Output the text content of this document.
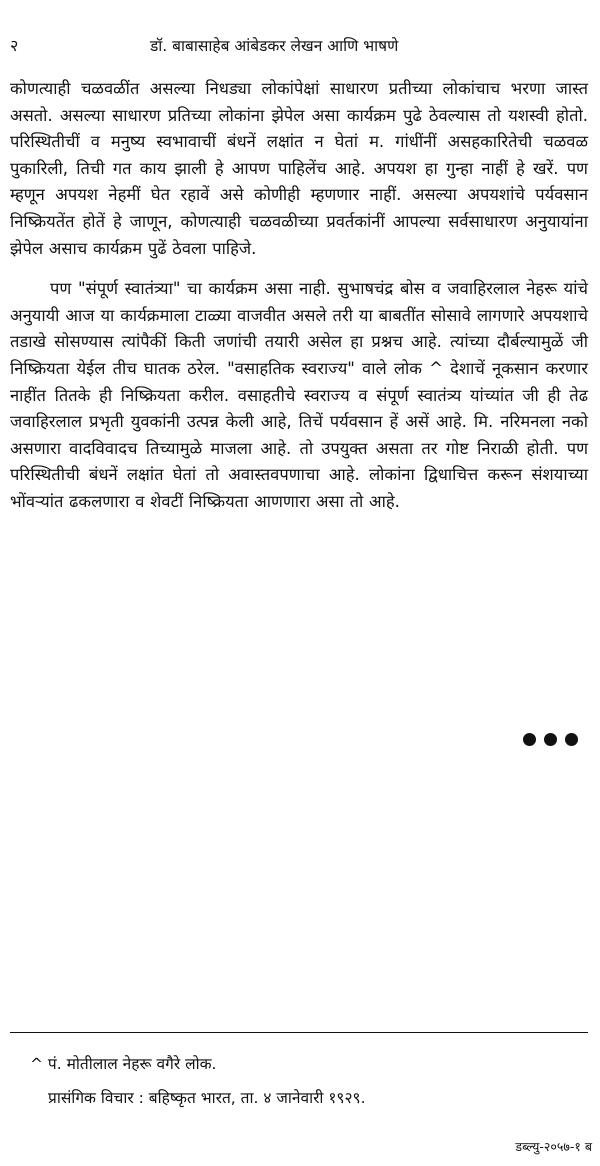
२	डॉ. बाबासाहेब आंबेडकर लेखन आणि भाषणे

कोणत्याही चळवळींत असल्या निधड्या लोकांपेक्षां साधारण प्रतीच्या लोकांचाच भरणा जास्त असतो. असल्या साधारण प्रतिच्या लोकांना झेपेल असा कार्यक्रम पुढे ठेवल्यास तो यशस्वी होतो. परिस्थितीचीं व मनुष्य स्वभावाचीं बंधनें लक्षांत न घेतां म. गांधींनीं असहकारितेची चळवळ पुकारिली, तिची गत काय झाली हे आपण पाहिलेंच आहे. अपयश हा गुन्हा नाहीं हे खरें. पण म्हणून अपयश नेहमीं घेत रहावें असे कोणीही म्हणणार नाहीं. असल्या अपयशांचे पर्यवसान निष्क्रियतेंत होतें हे जाणून, कोणत्याही चळवळीच्या प्रवर्तकांनीं आपल्या सर्वसाधारण अनुयायांना झेपेल असाच कार्यक्रम पुढें ठेवला पाहिजे.

पण "संपूर्ण स्वातंत्र्या" चा कार्यक्रम असा नाही. सुभाषचंद्र बोस व जवाहिरलाल नेहरू यांचे अनुयायी आज या कार्यक्रमाला टाळ्या वाजवीत असले तरी या बाबतींत सोसावे लागणारे अपयशाचे तडाखे सोसण्यास त्यांपैकीं किती जणांची तयारी असेल हा प्रश्नच आहे. त्यांच्या दौर्बल्यामुळें जी निष्क्रियता येईल तीच घातक ठरेल. "वसाहतिक स्वराज्य" वाले लोक ^ देशाचें नूकसान करणार नाहींत तितके ही निष्क्रियता करील. वसाहतीचे स्वराज्य व संपूर्ण स्वातंत्र्य यांच्यांत जी ही तेढ जवाहिरलाल प्रभृती युवकांनी उत्पन्न केली आहे, तिचें पर्यवसान हें असें आहे. मि. नरिमनला नको असणारा वादविवादच तिच्यामुळे माजला आहे. तो उपयुक्त असता तर गोष्ट निराळी होती. पण परिस्थितीची बंधनें लक्षांत घेतां तो अवास्तवपणाचा आहे. लोकांना द्विधाचित्त करून संशयाच्या भोंवऱ्यांत ढकलणारा व शेवटीं निष्क्रियता आणणारा असा तो आहे.

^ पं. मोतीलाल नेहरू वगैरे लोक.
प्रासंगिक विचार : बहिष्कृत भारत, ता. ४ जानेवारी १९२९.
डब्ल्यु-२०५७-१ ब
